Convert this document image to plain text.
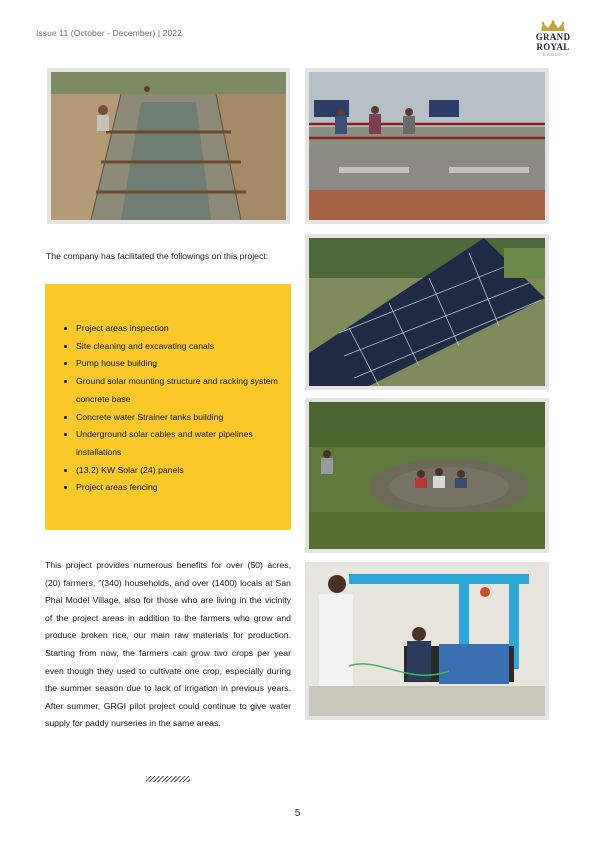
Issue 11 (October - December) | 2022	GRAND
ROYAL
GROUP
The company has facilitated the followings on this project:
• Project areas inspection
• Site cleaning and excavating canals
• Pump house building
• Ground solar mounting structure and racking system concrete base
• Concrete water Strainer tanks building
• Underground solar cables and water pipelines installations
• (13.2) KW Solar (24) panels
• Project areas fencing

This project provides numerous benefits for over (50) acres, (20) farmers, "(340) households, and over (1400) locals at San Phal Model Village, also for those who are living in the vicinity of the project areas in addition to the farmers who grow and produce broken rice, our main raw materials for production. Starting from now, the farmers can grow two crops per year even though they used to cultivate one crop, especially during the summer season due to lack of irrigation in previous years. After summer, GRGI pilot project could continue to give water supply for paddy nurseries in the same areas.

5
